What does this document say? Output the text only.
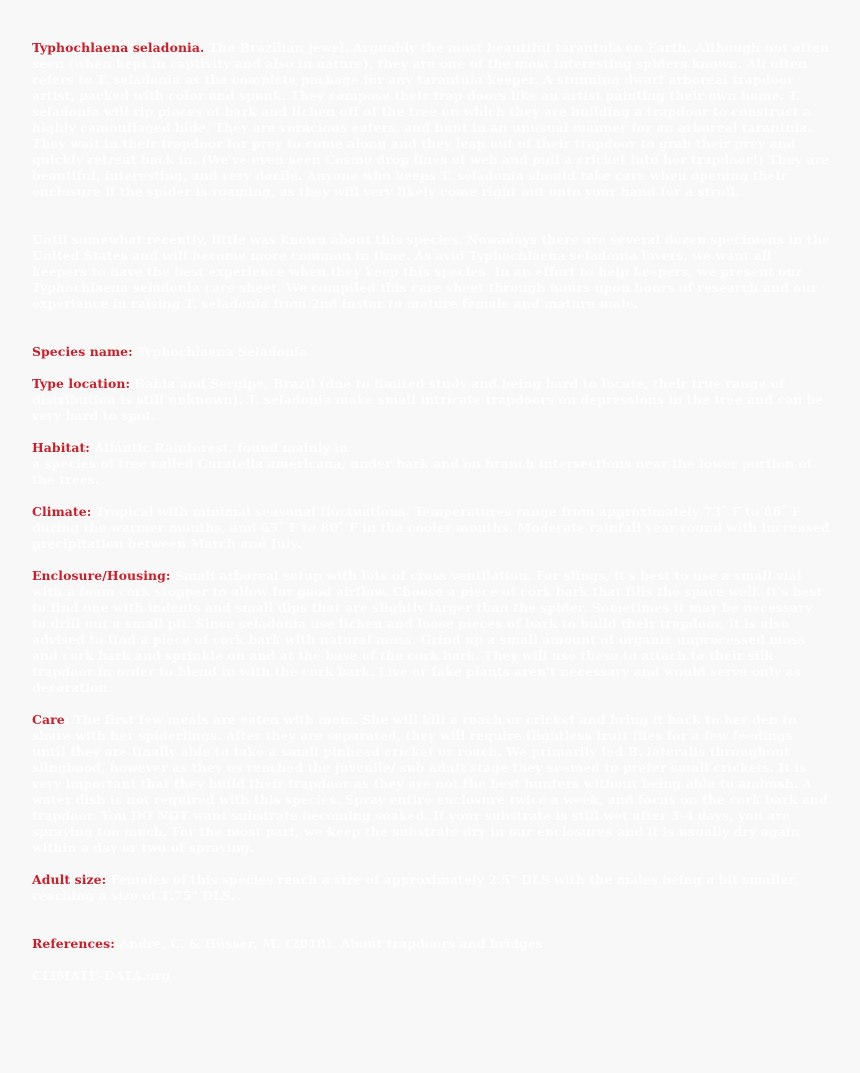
Typhochlaena seladonia. The Brazilian jewel. Arguably the most beautiful tarantula on Earth. Although not often seen (when kept in captivity and also in nature), they are one of the most interesting spiders known. Ali often refers to T. seladonia as the complete package for any tarantula keeper. A stunning dwarf arboreal trapdoor artist, packed with color and spunk. They compose their trap doors like an artist painting their own home. T. seladonia will rip pieces of bark and lichen off of the tree on which they are building a trapdoor to construct a highly camouflaged hide. They are voracious eaters, and hunt in an unusual manner for an arboreal tarantula. They wait in their trapdoor for prey to come along and they leap out of their trapdoor to grab their prey and quickly retreat back in. (We've even seen Cosmo drop lines of web and pull a cricket into her trapdoor!) They are beautiful, interesting, and very docile. Anyone who keeps T. seladonia should take care when opening their enclosure if the spider is roaming, as they will very likely come right out onto your hand for a stroll.

Until somewhat recently, little was known about this species. Nowadays there are several dozen specimens in the United States and will become more common in time. As avid Typhochlaena seladonia lovers, we want all keepers to have the best experience when they keep this species. In an effort to help keepers, we present our Typhochlaena seladonia care sheet. We compiled this care sheet through hours upon hours of research and our experience in raising T. seladonia from 2nd instar to mature female and mature male.

Species name: Typhochlaena Seladonia

Type location: Bahia and Sergipe, Brazil (due to limited study and being hard to locate, their true range of distribution is still unknown). T. seladonia make small intricate trapdoors on depressions in the tree and can be very hard to spot.

Habitat: Atlantic Rainforest, found mainly in
a species of tree called Curatella americana, under bark and on branch intersections near the lower portion of the trees.

Climate: Tropical with minimal seasonal fluctuations. Temperatures range from approximately 73˚ F to 86˚ F during the warmer months, and 65˚ F to 80˚ F in the cooler months. Moderate rainfall year round with increased precipitation between March and July.

Enclosure/Housing: Small arboreal setup with lots of cross ventilation. For slings, it's best to use a small vial with a foam cork stopper to allow for good airflow. Choose a piece of cork bark that fills the space well. It's best to find one with indents and small dips that are slightly larger than the spider. Sometimes it may be necessary to drill out a small pit. Since seladonia use lichen and loose pieces of bark to build their trapdoor, it is also advised to find a piece of cork bark with natural moss. Grind up a small amount of organic unprocessed moss and cork bark and sprinkle on and at the base of the cork bark. They will use these to attach to their silk trapdoor in order to blend in with the cork bark. Live or fake plants aren't necessary and would serve only as decoration.

Care: The first few meals are eaten with mom. She will kill a roach or cricket and bring it back to her den to share with her spiderlings. After they are separated, they will require flightless fruit flies for a few feedings until they are finally able to take a small pinhead cricket or roach. We primarily fed B. lateralis throughout slingbood, however as they us reached the juvenile/ sub adult stage they seemed to prefer small crickets. It is very important that they build their trapdoor as they are not the best hunters without being able to ambush. A water dish is not required with this species. Spray entire enclosure twice a week, and focus on the cork bark and trapdoor. You DO NOT want substrate becoming soaked. If your substrate is still wet after 3-4 days, you are spraying too much. For the most part, we keep the substrate dry in our enclosures and it is usually dry again within a day or two of spraying.

Adult size: Females of this species reach a size of approximately 2.5" DLS with the males being a bit smaller, reaching a size of 1.75" DLS.

References: Andre, C. & Hüsser, M. (2018). About trapdoors and bridges

CLIMATE-DATA.org
